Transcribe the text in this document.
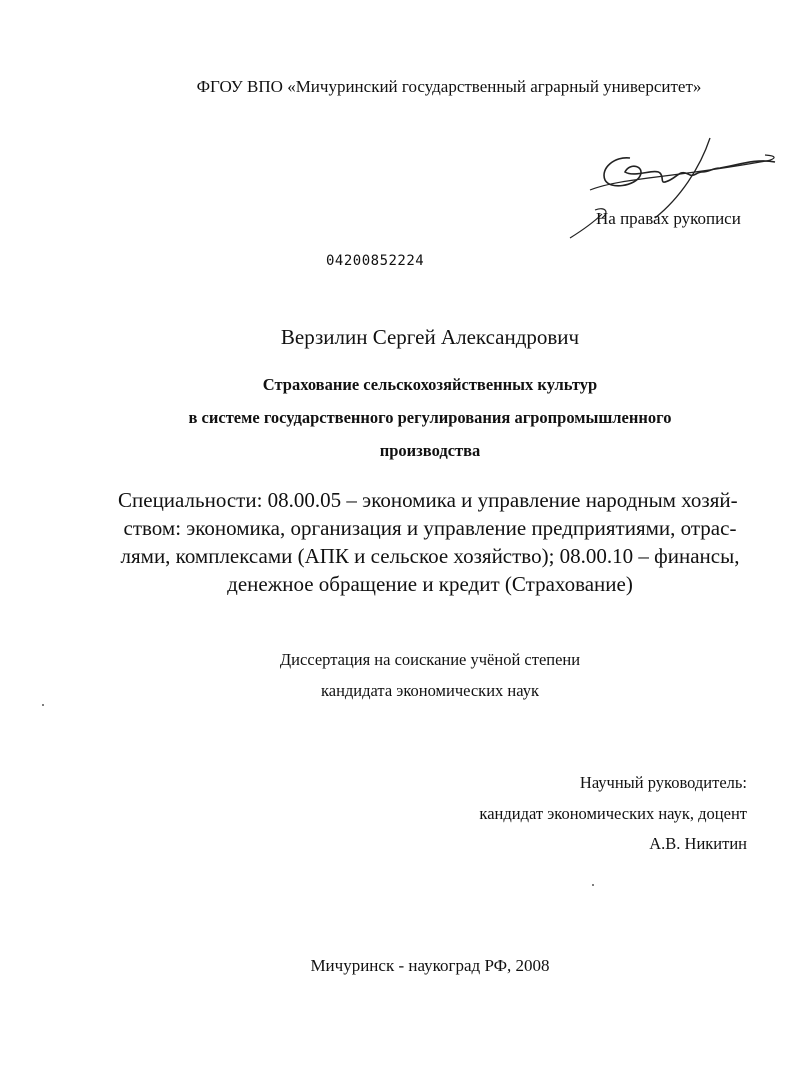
ФГОУ ВПО «Мичуринский государственный аграрный университет»
На правах рукописи
04200852224
Верзилин Сергей Александрович
Страхование сельскохозяйственных культур
в системе государственного регулирования агропромышленного
производства
Специальности: 08.00.05 – экономика и управление народным хозяй-
ством: экономика, организация и управление предприятиями, отрас-
лями, комплексами (АПК и сельское хозяйство); 08.00.10 – финансы,
денежное обращение и кредит (Страхование)
Диссертация на соискание учёной степени
кандидата экономических наук
Научный руководитель:
кандидат экономических наук, доцент
А.В. Никитин
Мичуринск - наукоград РФ, 2008
